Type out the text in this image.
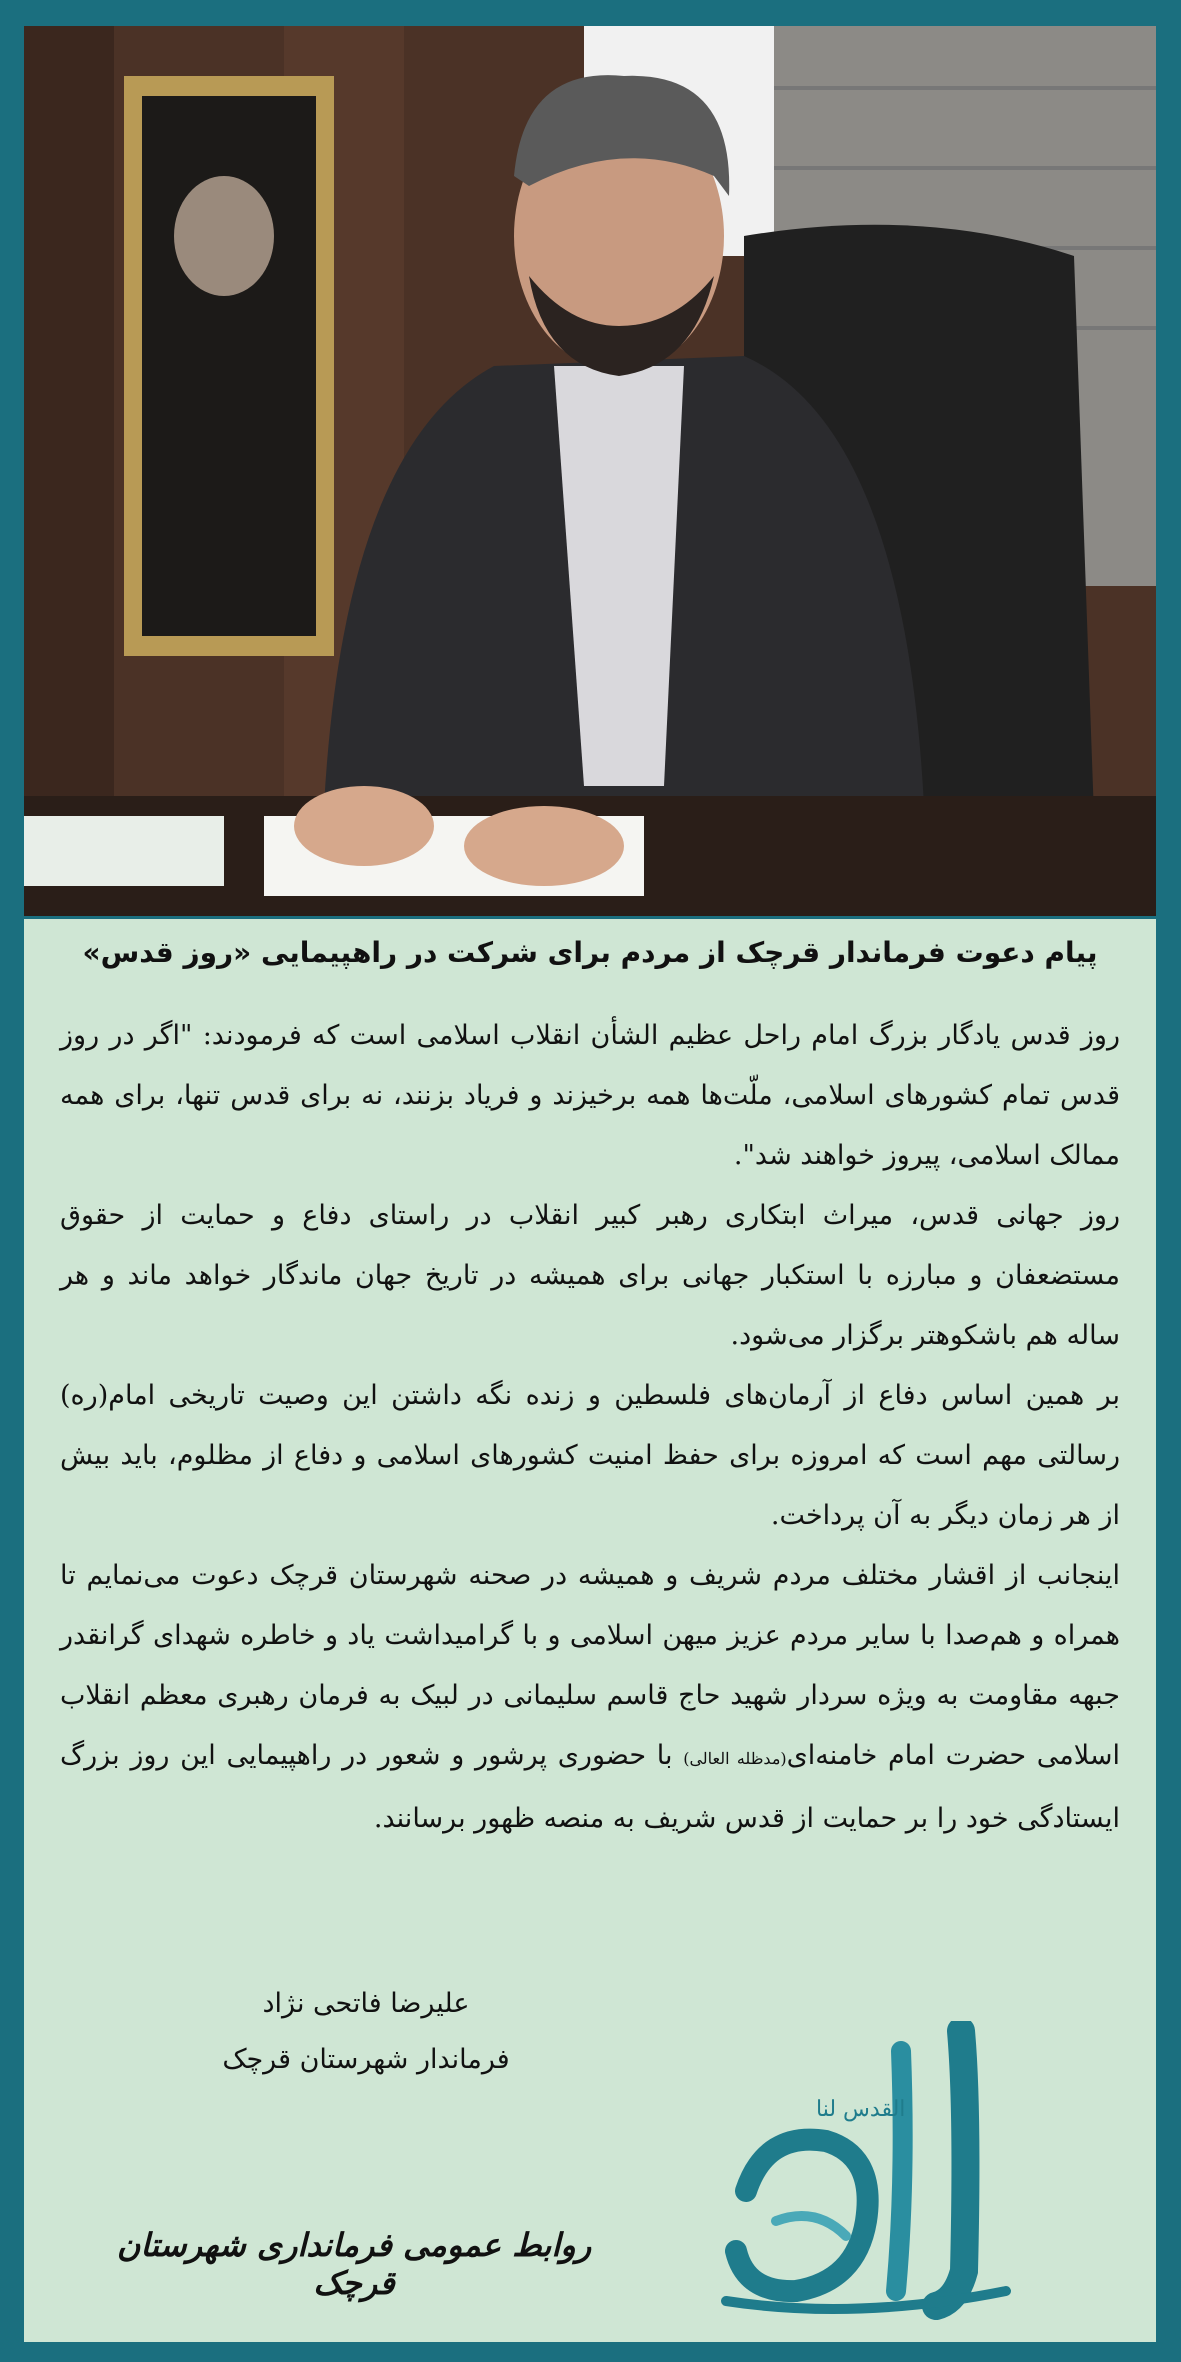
پیام دعوت فرماندار قرچک از مردم برای شرکت در راهپیمایی «روز قدس»

روز قدس یادگار بزرگ امام راحل عظیم الشأن انقلاب اسلامی است که فرمودند: "اگر در روز قدس تمام کشورهای اسلامی، ملّت‌ها همه برخیزند و فریاد بزنند، نه برای قدس تنها، برای همه ممالک اسلامی، پیروز خواهند شد".

روز جهانی قدس، میراث ابتکاری رهبر کبیر انقلاب در راستای دفاع و حمایت از حقوق مستضعفان و مبارزه با استکبار جهانی برای همیشه در تاریخ جهان ماندگار خواهد ماند و هر ساله هم باشکوهتر برگزار می‌شود.

بر همین اساس دفاع از آرمان‌های فلسطین و زنده نگه داشتن این وصیت تاریخی امام(ره) رسالتی مهم است که امروزه برای حفظ امنیت کشورهای اسلامی و دفاع از مظلوم، باید بیش از هر زمان دیگر به آن پرداخت.

اینجانب از اقشار مختلف مردم شریف و همیشه در صحنه شهرستان قرچک دعوت می‌نمایم تا همراه و هم‌صدا با سایر مردم عزیز میهن اسلامی و با گرامیداشت یاد و خاطره شهدای گرانقدر جبهه مقاومت به ویژه سردار شهید حاج قاسم سلیمانی در لبیک به فرمان رهبری معظم انقلاب اسلامی حضرت امام خامنه‌ای(مدظله العالی) با حضوری پرشور و شعور در راهپیمایی این روز بزرگ ایستادگی خود را بر حمایت از قدس شریف به منصه ظهور برسانند.

علیرضا فاتحی نژاد
فرماندار شهرستان قرچک
روابط عمومی فرمانداری شهرستان قرچک
القدس لنا
